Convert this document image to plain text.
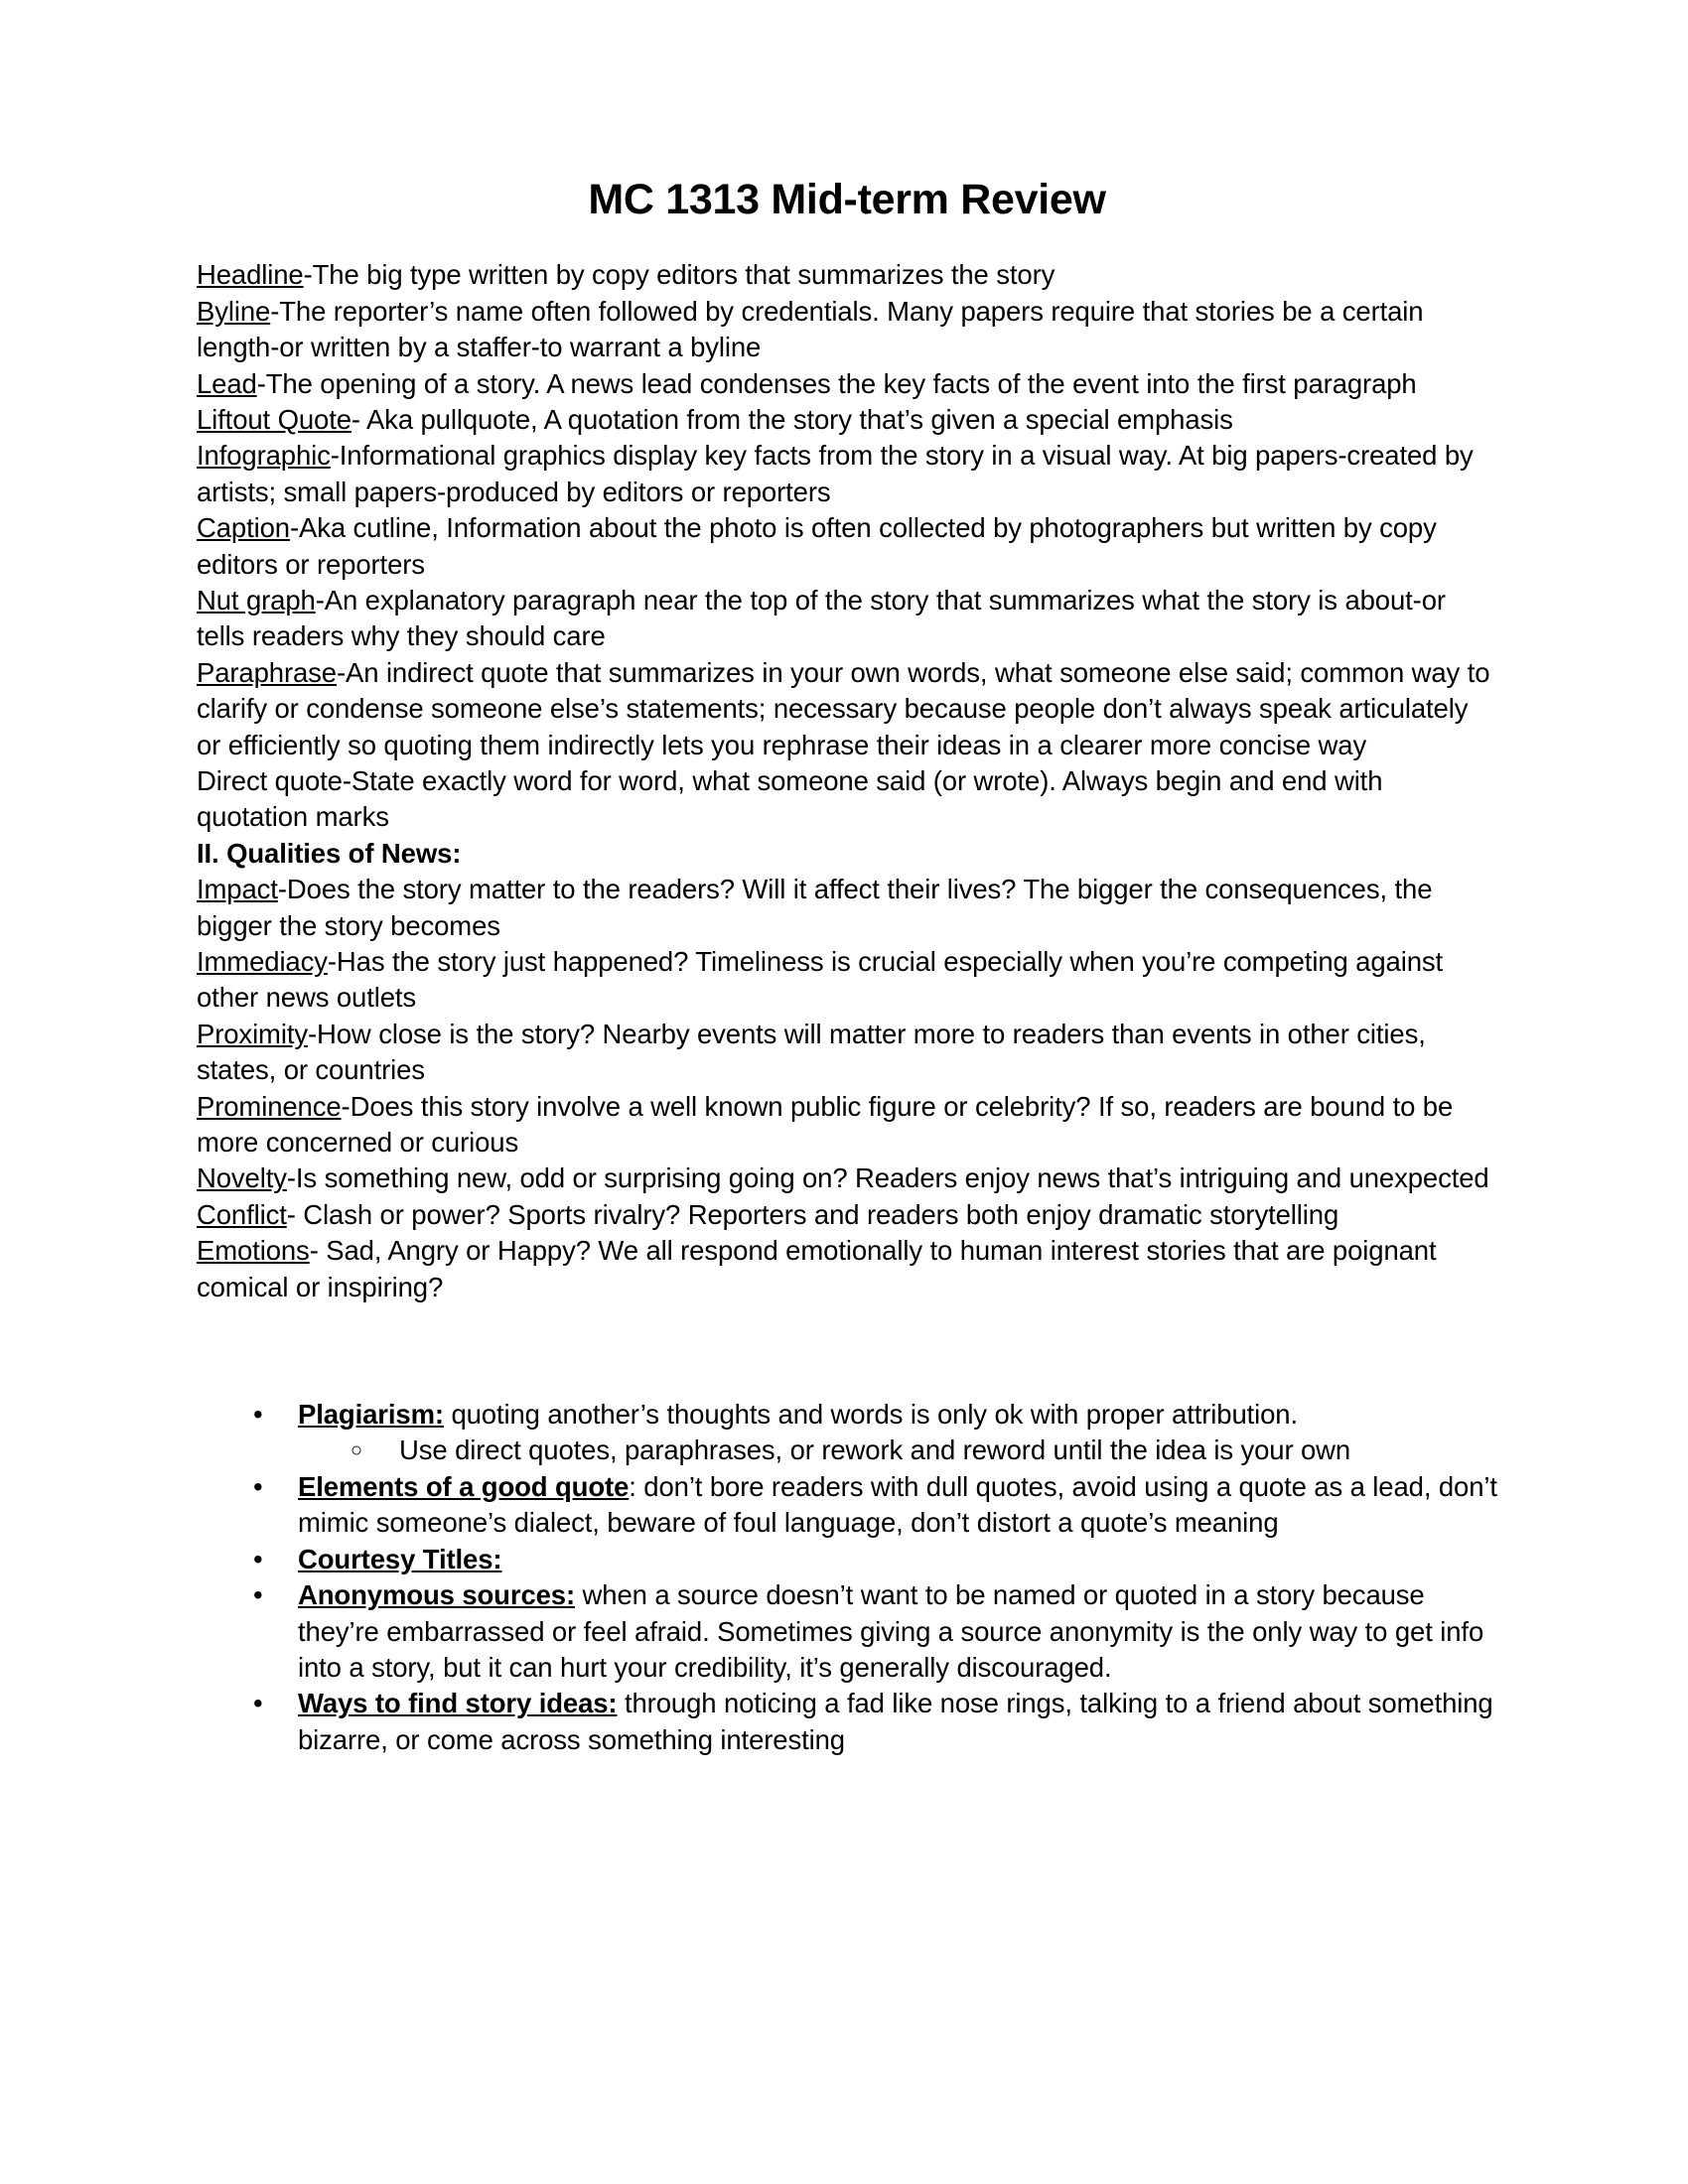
MC 1313 Mid-term Review

Headline-The big type written by copy editors that summarizes the story

Byline-The reporter’s name often followed by credentials. Many papers require that stories be a certain length-or written by a staffer-to warrant a byline

Lead-The opening of a story. A news lead condenses the key facts of the event into the first paragraph

Liftout Quote- Aka pullquote, A quotation from the story that’s given a special emphasis

Infographic-Informational graphics display key facts from the story in a visual way. At big papers-created by artists; small papers-produced by editors or reporters

Caption-Aka cutline, Information about the photo is often collected by photographers but written by copy editors or reporters

Nut graph-An explanatory paragraph near the top of the story that summarizes what the story is about-or tells readers why they should care

Paraphrase-An indirect quote that summarizes in your own words, what someone else said; common way to clarify or condense someone else’s statements; necessary because people don’t always speak articulately or efficiently so quoting them indirectly lets you rephrase their ideas in a clearer more concise way

Direct quote-State exactly word for word, what someone said (or wrote). Always begin and end with quotation marks

II. Qualities of News:

Impact-Does the story matter to the readers? Will it affect their lives? The bigger the consequences, the bigger the story becomes

Immediacy-Has the story just happened? Timeliness is crucial especially when you’re competing against other news outlets

Proximity-How close is the story? Nearby events will matter more to readers than events in other cities, states, or countries

Prominence-Does this story involve a well known public figure or celebrity? If so, readers are bound to be more concerned or curious

Novelty-Is something new, odd or surprising going on? Readers enjoy news that’s intriguing and unexpected

Conflict- Clash or power? Sports rivalry? Reporters and readers both enjoy dramatic storytelling

Emotions- Sad, Angry or Happy? We all respond emotionally to human interest stories that are poignant comical or inspiring?

• Plagiarism: quoting another’s thoughts and words is only ok with proper attribution.
○ Use direct quotes, paraphrases, or rework and reword until the idea is your own
• Elements of a good quote: don’t bore readers with dull quotes, avoid using a quote as a lead, don’t mimic someone’s dialect, beware of foul language, don’t distort a quote’s meaning
• Courtesy Titles:
• Anonymous sources: when a source doesn’t want to be named or quoted in a story because they’re embarrassed or feel afraid. Sometimes giving a source anonymity is the only way to get info into a story, but it can hurt your credibility, it’s generally discouraged.
• Ways to find story ideas: through noticing a fad like nose rings, talking to a friend about something bizarre, or come across something interesting
